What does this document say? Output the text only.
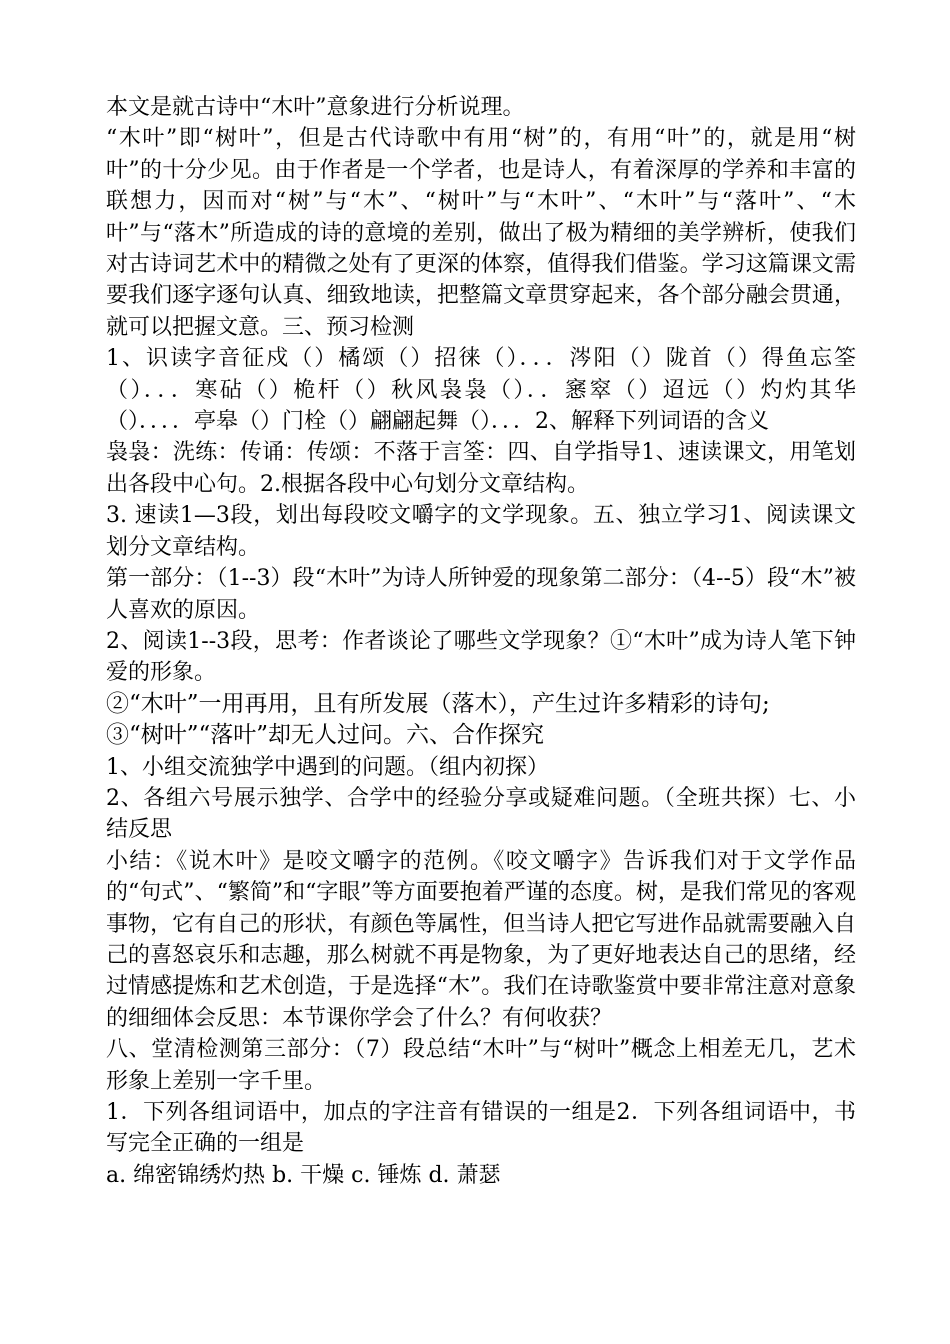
本文是就古诗中“木叶”意象进行分析说理。

“木叶”即“树叶”，但是古代诗歌中有用“树”的，有用“叶”的，就是用“树叶”的十分少见。由于作者是一个学者，也是诗人，有着深厚的学养和丰富的联想力，因而对“树”与“木”、“树叶”与“木叶”、“木叶”与“落叶”、“木叶”与“落木”所造成的诗的意境的差别，做出了极为精细的美学辨析，使我们对古诗词艺术中的精微之处有了更深的体察，值得我们借鉴。学习这篇课文需要我们逐字逐句认真、细致地读，把整篇文章贯穿起来，各个部分融会贯通，就可以把握文意。三、预习检测

1、识读字音征戍（）橘颂（）招徕（）．．．涔阳（）陇首（）得鱼忘筌（）．．．寒砧（）桅杆（）秋风袅袅（）．．窸窣（）迢远（）灼灼其华（）．．．．亭皋（）门栓（）翩翩起舞（）．．．2、解释下列词语的含义

袅袅：洗练：传诵：传颂：不落于言筌：四、自学指导1、速读课文，用笔划出各段中心句。2.根据各段中心句划分文章结构。

3. 速读1—3段，划出每段咬文嚼字的文学现象。五、独立学习1、阅读课文划分文章结构。

第一部分：（1--3）段“木叶”为诗人所钟爱的现象第二部分：（4--5）段“木”被人喜欢的原因。

2、阅读1--3段，思考：作者谈论了哪些文学现象？①“木叶”成为诗人笔下钟爱的形象。

②“木叶”一用再用，且有所发展（落木），产生过许多精彩的诗句;

③“树叶”“落叶”却无人过问。六、合作探究

1、小组交流独学中遇到的问题。（组内初探）

2、各组六号展示独学、合学中的经验分享或疑难问题。（全班共探）七、小结反思

小结：《说木叶》是咬文嚼字的范例。《咬文嚼字》告诉我们对于文学作品的“句式”、“繁简”和“字眼”等方面要抱着严谨的态度。树，是我们常见的客观事物，它有自己的形状，有颜色等属性，但当诗人把它写进作品就需要融入自己的喜怒哀乐和志趣，那么树就不再是物象，为了更好地表达自己的思绪，经过情感提炼和艺术创造，于是选择“木”。我们在诗歌鉴赏中要非常注意对意象的细细体会反思：本节课你学会了什么？有何收获？

八、堂清检测第三部分：（7）段总结“木叶”与“树叶”概念上相差无几，艺术形象上差别一字千里。

1．下列各组词语中，加点的字注音有错误的一组是2．下列各组词语中，书写完全正确的一组是

a. 绵密锦绣灼热 b. 干燥 c. 锤炼 d. 萧瑟
